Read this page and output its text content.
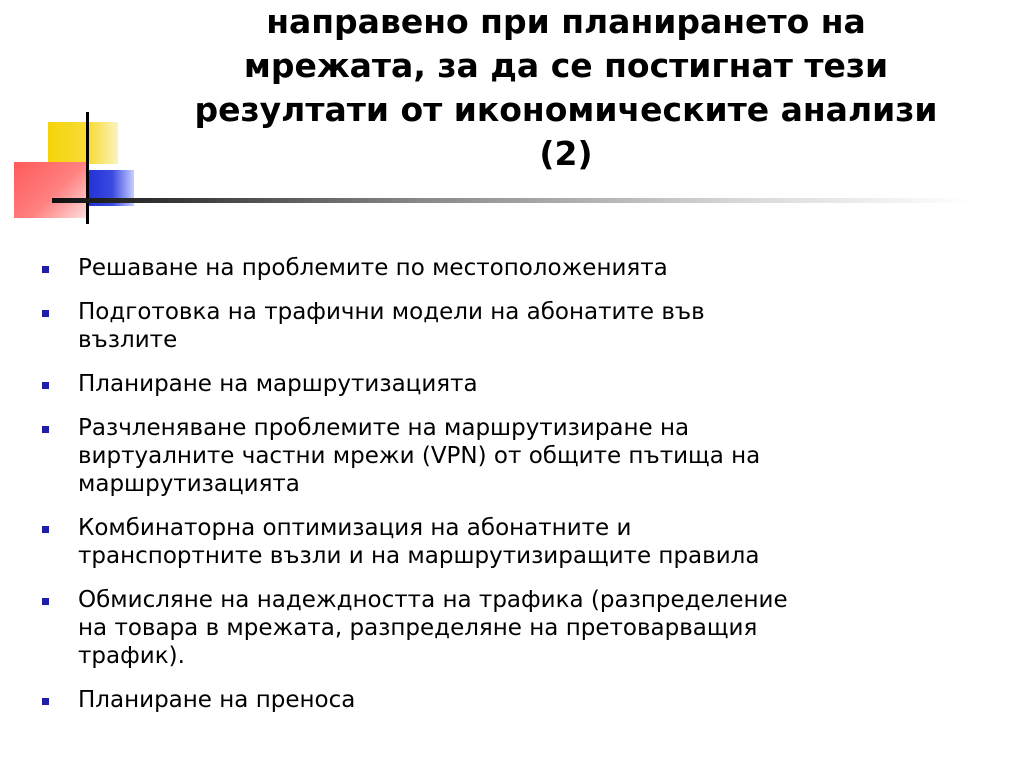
направено при планирането на
мрежата, за да се постигнат тези
резултати от икономическите анализи
(2)
Решаване на проблемите по местоположенията
Подготовка на трафични модели на абонатите във
възлите
Планиране на маршрутизацията
Разчленяване проблемите на маршрутизиране на
виртуалните частни мрежи (VPN) от общите пътища на
маршрутизацията
Комбинаторна оптимизация на абонатните и
транспортните възли и на маршрутизиращите правила
Обмисляне на надеждността на трафика (разпределение
на товара в мрежата, разпределяне на претоварващия
трафик).
Планиране на преноса
